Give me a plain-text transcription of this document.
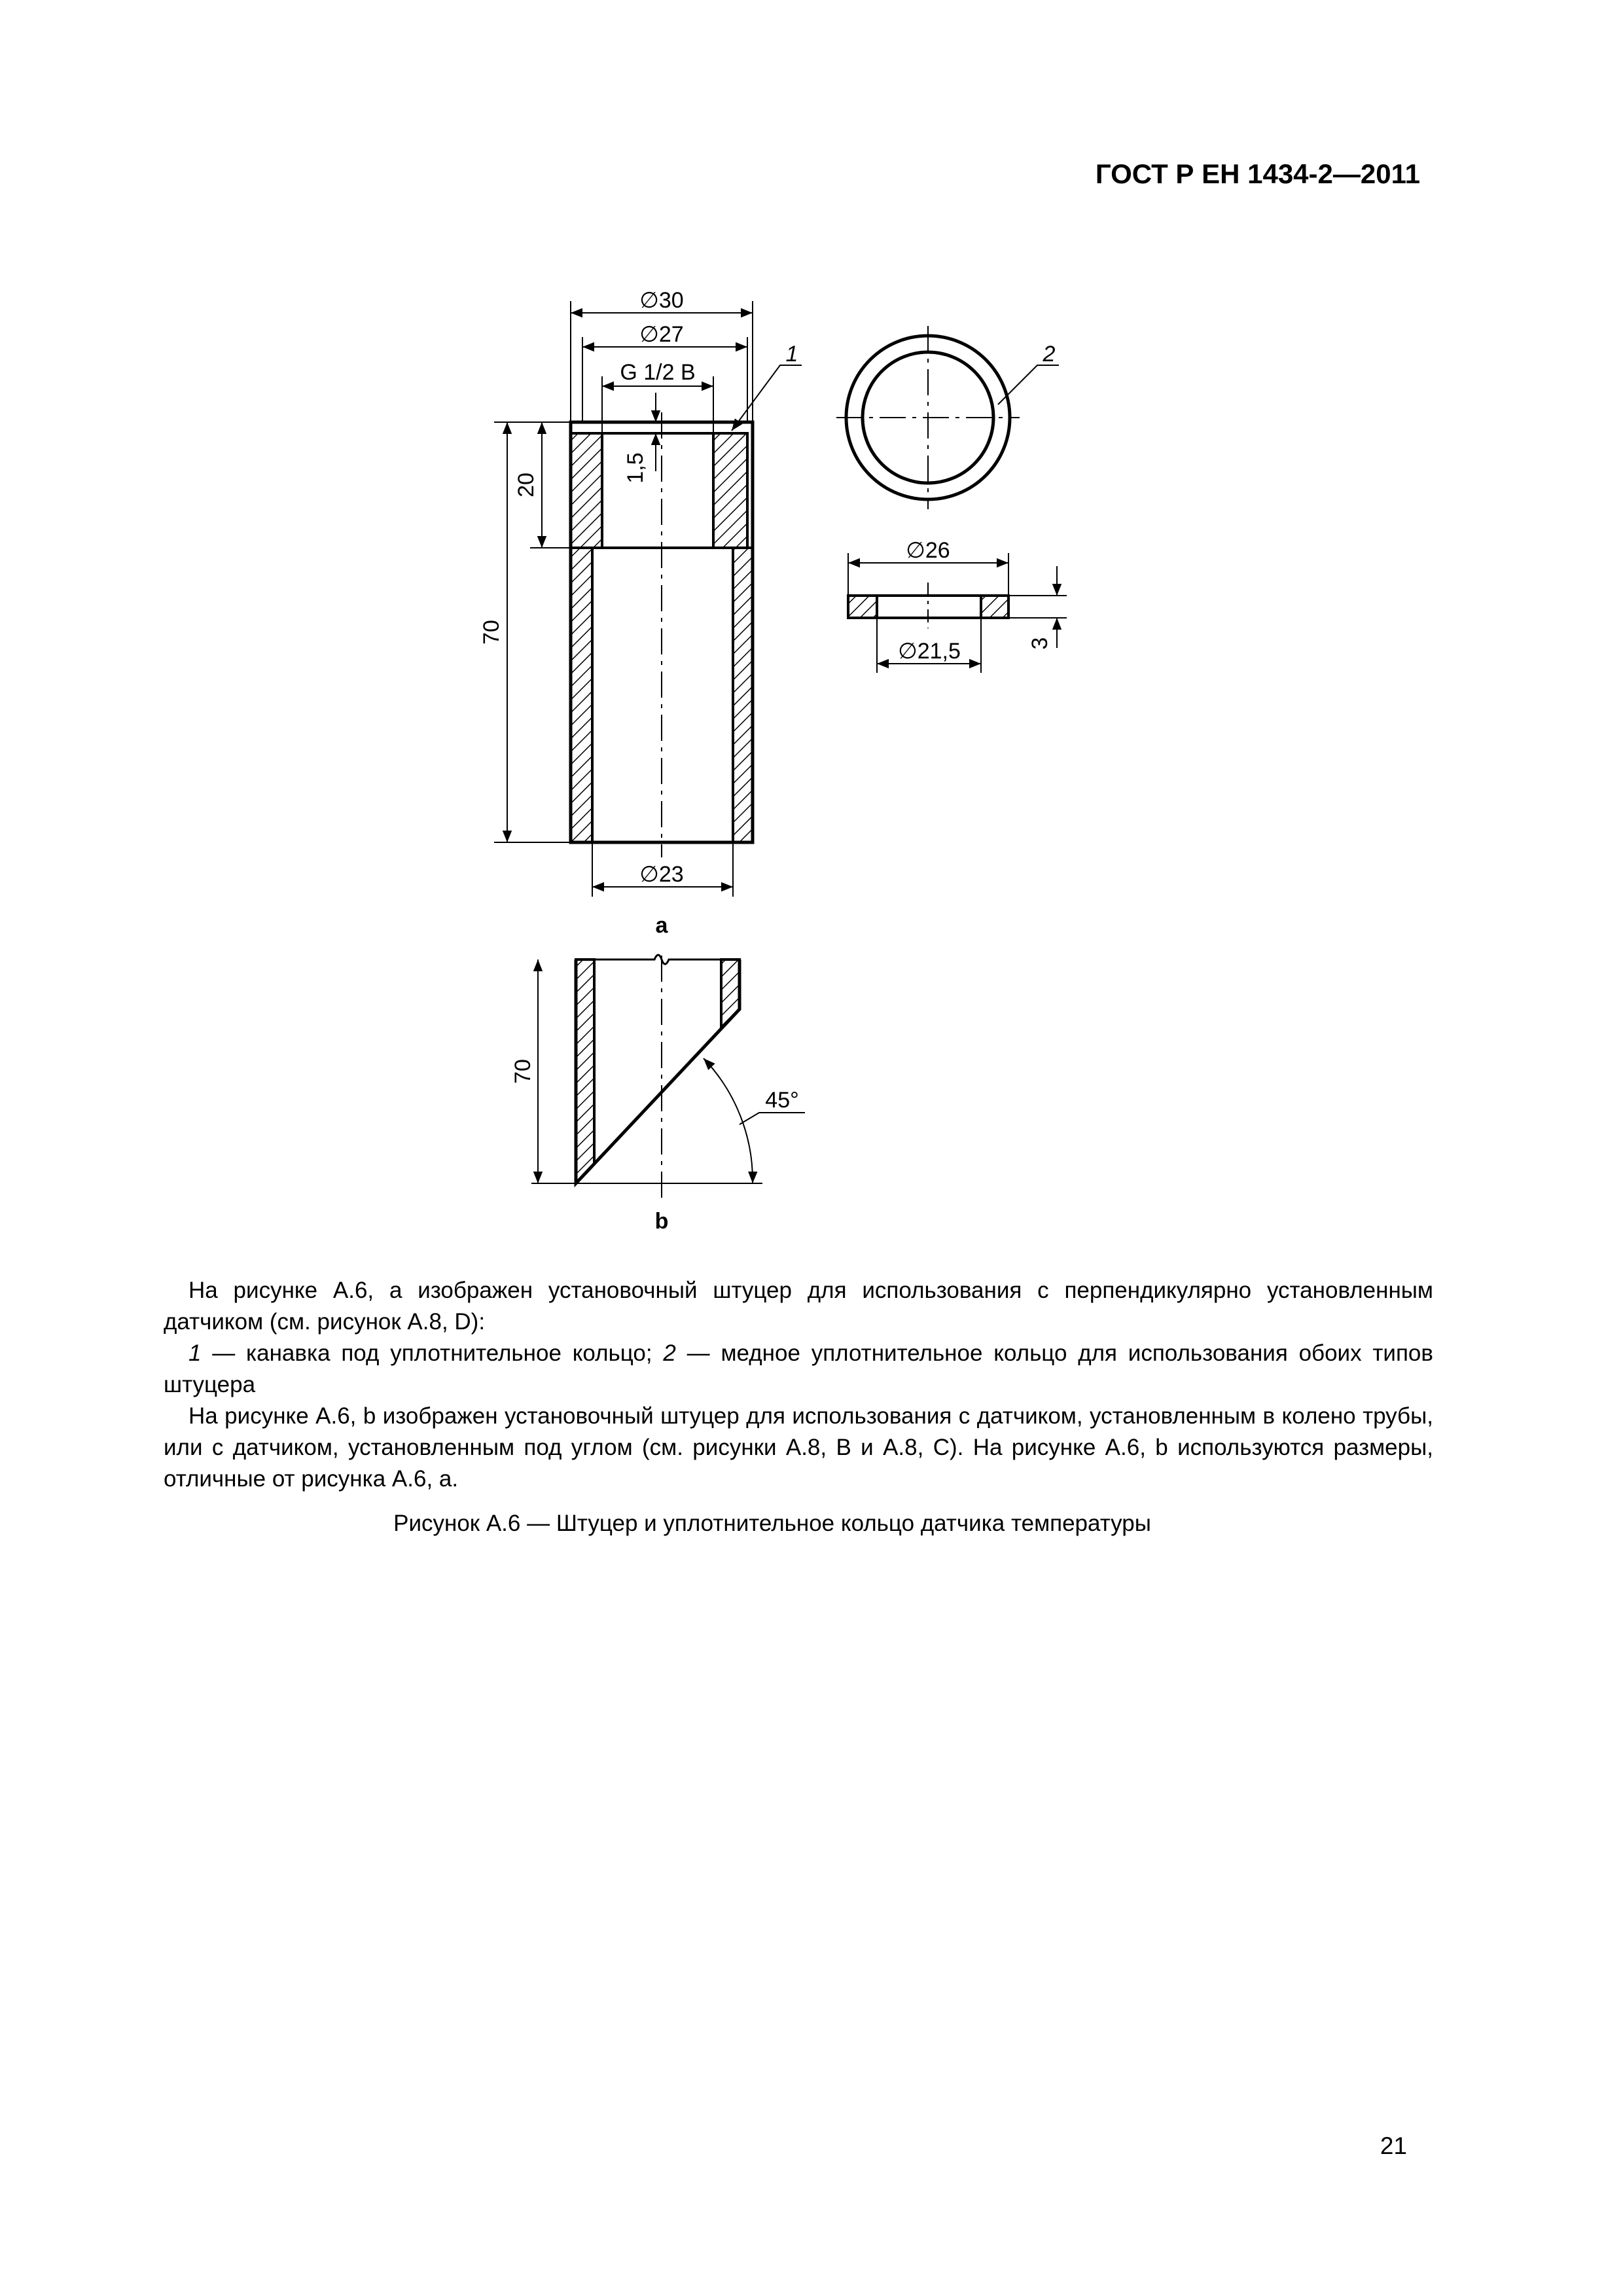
ГОСТ Р ЕН 1434-2—2011
∅30
∅27
G 1/2 B
∅23
1,5
20
70
1
a
2
∅26
∅21,5	3
70
45°
b

На рисунке А.6, а изображен установочный штуцер для использования с перпендикулярно установленным датчиком (см. рисунок А.8, D):

1 — канавка под уплотнительное кольцо; 2 — медное уплотнительное кольцо для использования обоих типов штуцера

На рисунке А.6, b изображен установочный штуцер для использования с датчиком, установленным в колено трубы, или с датчиком, установленным под углом (см. рисунки А.8, B и А.8, C). На рисунке А.6, b используются размеры, отличные от рисунка А.6, а.

Рисунок А.6 — Штуцер и уплотнительное кольцо датчика температуры
21
